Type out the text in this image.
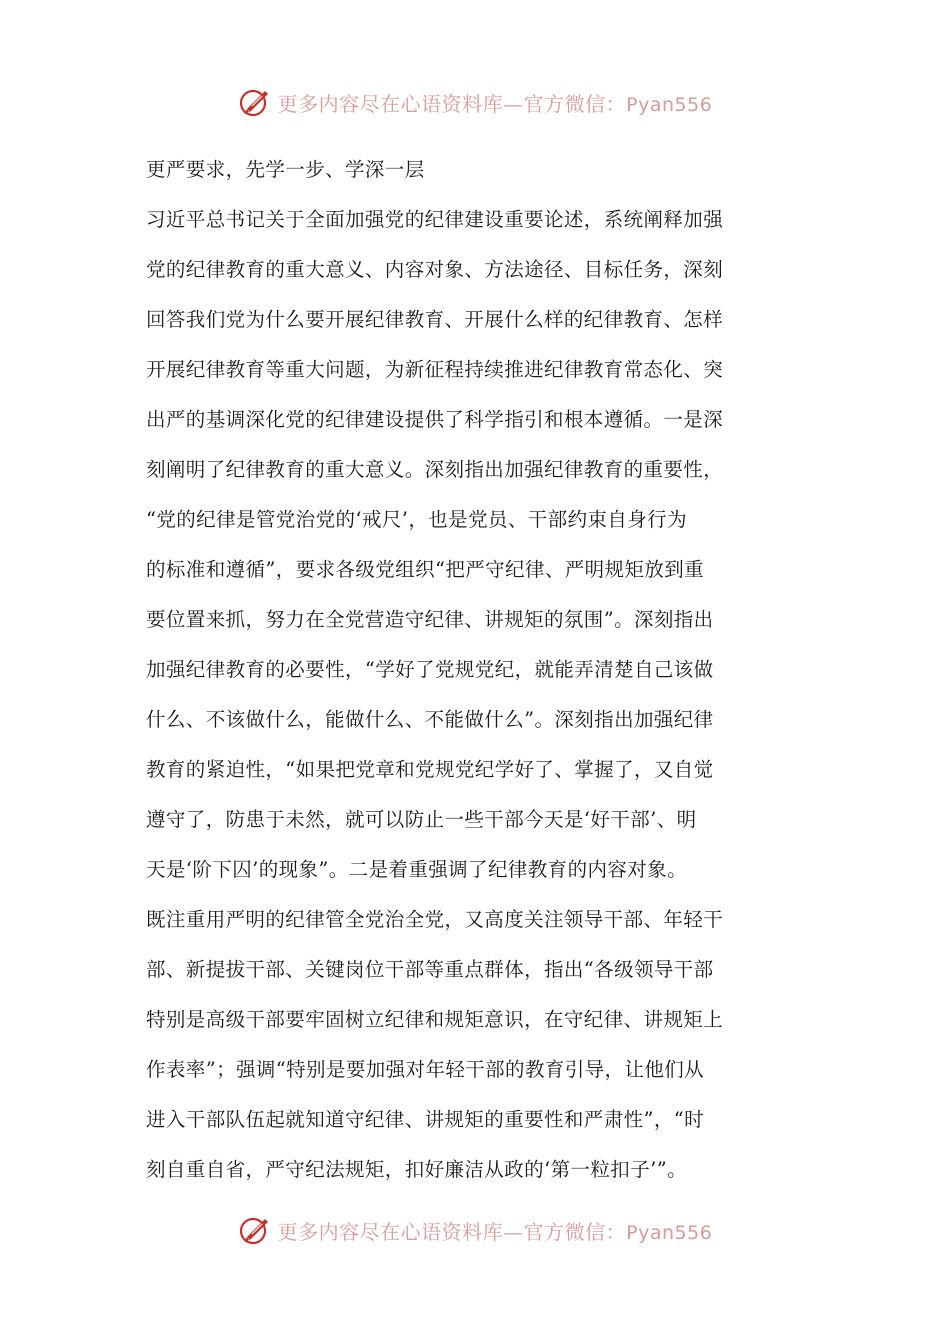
更多内容尽在心语资料库—官方微信：Pyan556
更严要求，先学一步、学深一层
习近平总书记关于全面加强党的纪律建设重要论述，系统阐释加强
党的纪律教育的重大意义、内容对象、方法途径、目标任务，深刻
回答我们党为什么要开展纪律教育、开展什么样的纪律教育、怎样
开展纪律教育等重大问题，为新征程持续推进纪律教育常态化、突
出严的基调深化党的纪律建设提供了科学指引和根本遵循。一是深
刻阐明了纪律教育的重大意义。深刻指出加强纪律教育的重要性，
“党的纪律是管党治党的‘戒尺’，也是党员、干部约束自身行为
的标准和遵循”，要求各级党组织“把严守纪律、严明规矩放到重
要位置来抓，努力在全党营造守纪律、讲规矩的氛围”。深刻指出
加强纪律教育的必要性，“学好了党规党纪，就能弄清楚自己该做
什么、不该做什么，能做什么、不能做什么”。深刻指出加强纪律
教育的紧迫性，“如果把党章和党规党纪学好了、掌握了，又自觉
遵守了，防患于未然，就可以防止一些干部今天是‘好干部’、明
天是‘阶下囚’的现象”。二是着重强调了纪律教育的内容对象。
既注重用严明的纪律管全党治全党，又高度关注领导干部、年轻干
部、新提拔干部、关键岗位干部等重点群体，指出“各级领导干部
特别是高级干部要牢固树立纪律和规矩意识，在守纪律、讲规矩上
作表率”；强调“特别是要加强对年轻干部的教育引导，让他们从
进入干部队伍起就知道守纪律、讲规矩的重要性和严肃性”，“时
刻自重自省，严守纪法规矩，扣好廉洁从政的‘第一粒扣子’”。
更多内容尽在心语资料库—官方微信：Pyan556
